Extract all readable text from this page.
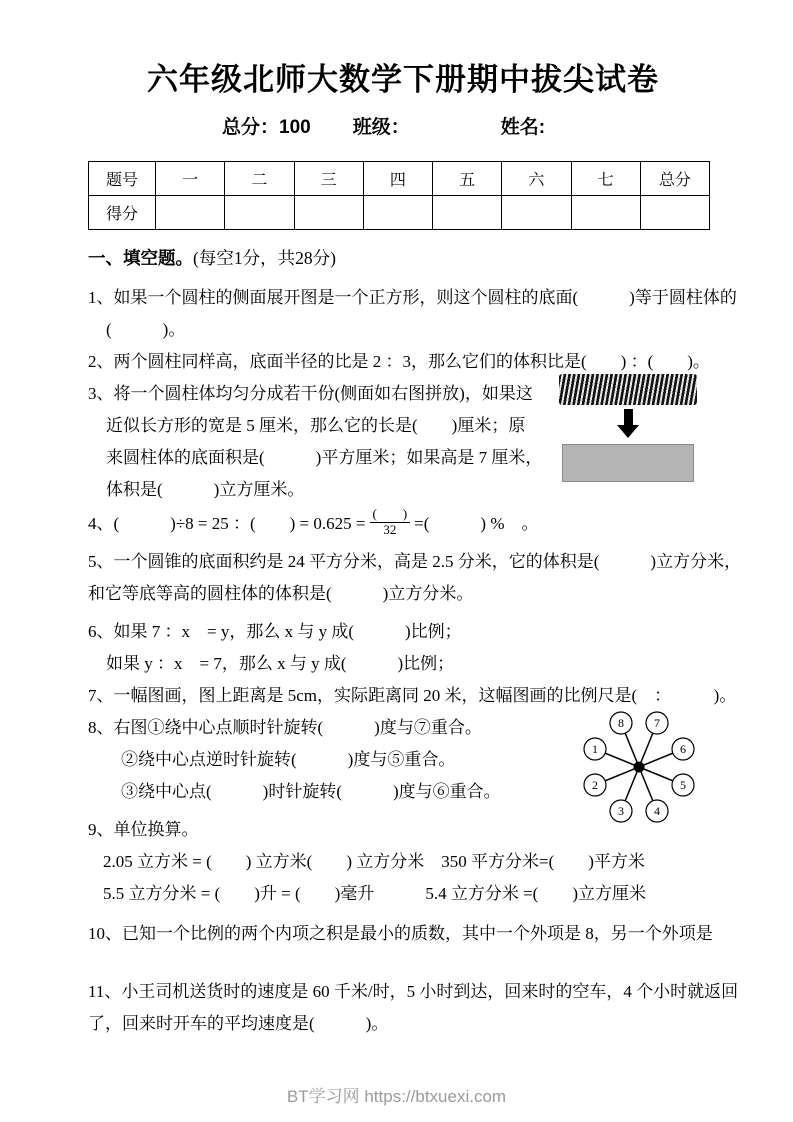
六年级北师大数学下册期中拔尖试卷
总分：100 班级：	姓名:
题号	一	二	三	四	五	六	七	总分
得分								
一、填空题。(每空1分，共28分)
1、如果一个圆柱的侧面展开图是一个正方形，则这个圆柱的底面(　　　)等于圆柱体的
(　　　)。
2、两个圆柱同样高，底面半径的比是 2 ：3，那么它们的体积比是(　　) ：(　　)。
3、将一个圆柱体均匀分成若干份(侧面如右图拼放)，如果这
近似长方形的宽是 5 厘米，那么它的长是(　　)厘米；原
来圆柱体的底面积是(　　　)平方厘米；如果高是 7 厘米，
体积是(　　　)立方厘米。
4、(　　　)÷8 = 25 ：(　　) = $0.625 = \frac{( )}{32}$ =(　　　) %　。
5、一个圆锥的底面积约是 24 平方分米，高是 2.5 分米，它的体积是(　　　)立方分米，
和它等底等高的圆柱体的体积是(　　　)立方分米。
6、如果 7 ：x　= y，那么 x 与 y 成(　　　)比例；
如果 y ：x　= 7，那么 x 与 y 成(　　　)比例；
7、一幅图画，图上距离是 5cm，实际距离同 20 米，这幅图画的比例尺是(　：　　　)。
8、右图①绕中心点顺时针旋转(　　　)度与⑦重合。
②绕中心点逆时针旋转(　　　)度与⑤重合。
③绕中心点(　　　)时针旋转(　　　)度与⑥重合。
9、单位换算。
2.05 立方米 = (　　) 立方米(　　) 立方分米　350 平方分米=(　　)平方米
5.5 立方分米 = (　　)升 = (　　)毫升　　　5.4 立方分米 =(　　)立方厘米
10、已知一个比例的两个内项之积是最小的质数，其中一个外项是 8，另一个外项是
11、小王司机送货时的速度是 60 千米/时，5 小时到达，回来时的空车，4 个小时就返回
了，回来时开车的平均速度是(　　　)。
1
2
3	4
5
6
7
8
BT学习网 https://btxuexi.com
